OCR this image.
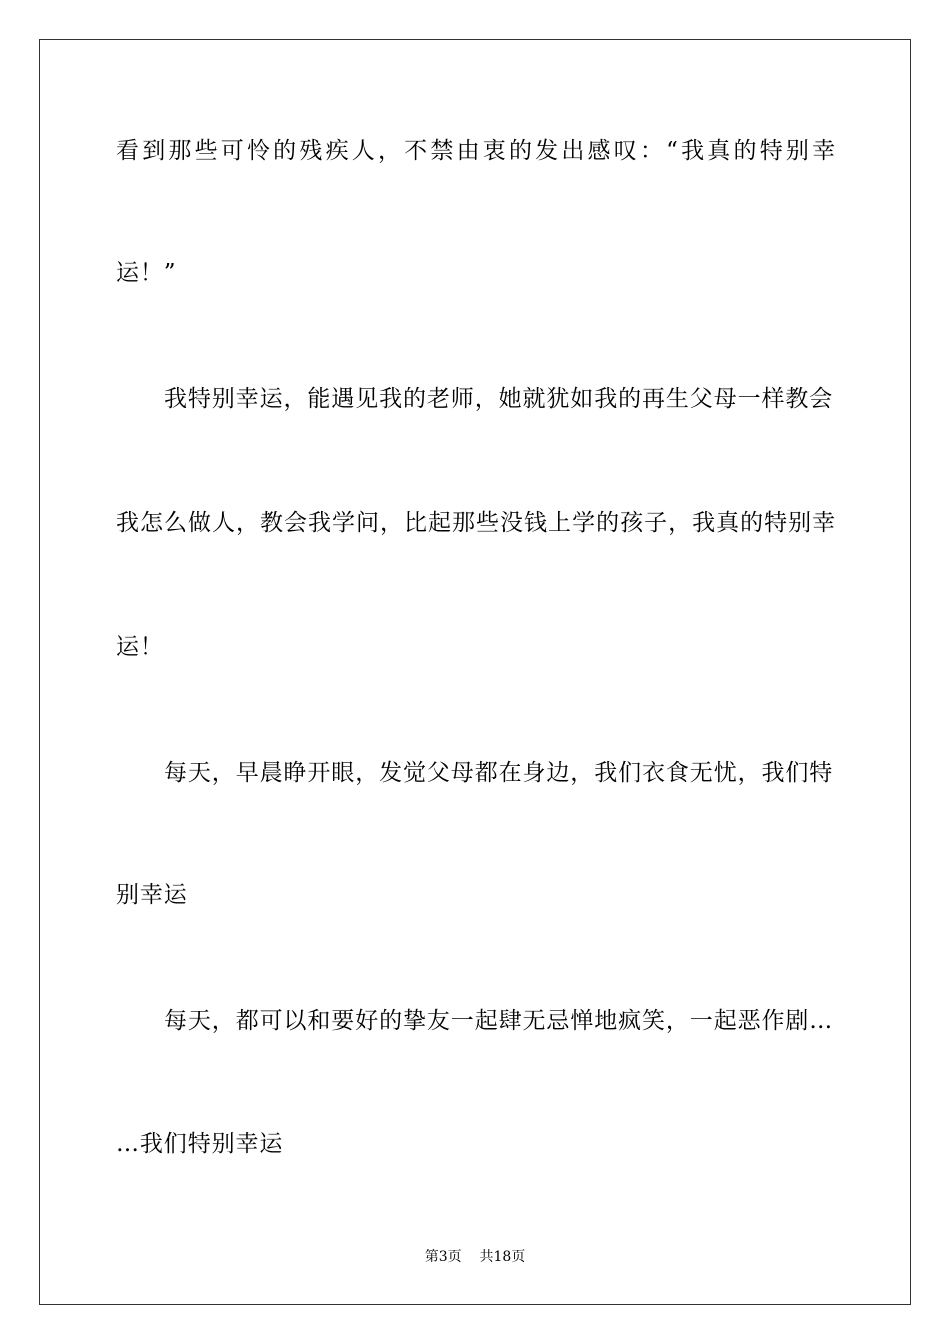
看到那些可怜的残疾人，不禁由衷的发出感叹：“我真的特别幸
运！”
我特别幸运，能遇见我的老师，她就犹如我的再生父母一样教会
我怎么做人，教会我学问，比起那些没钱上学的孩子，我真的特别幸
运！
每天，早晨睁开眼，发觉父母都在身边，我们衣食无忧，我们特
别幸运
每天，都可以和要好的挚友一起肆无忌惮地疯笑，一起恶作剧…
…我们特别幸运
第3页    共18页
